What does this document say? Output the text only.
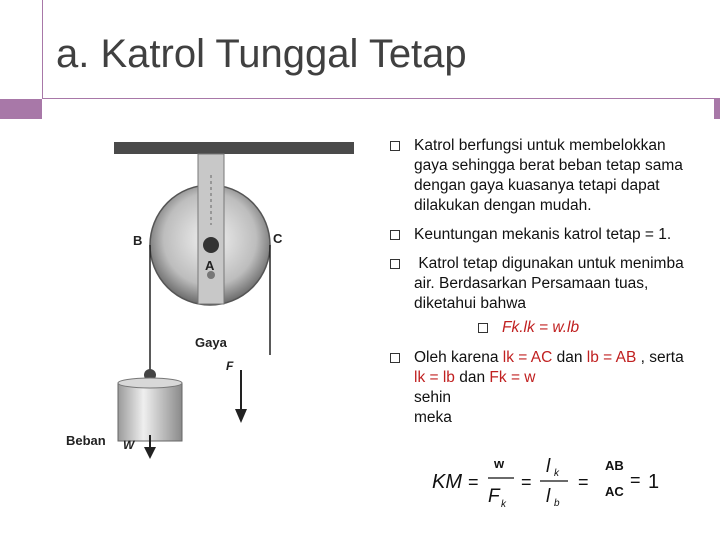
a. Katrol Tunggal Tetap
B	C
A
Gaya
F
Beban W
Katrol berfungsi untuk membelokkan gaya sehingga berat beban tetap sama dengan gaya kuasanya tetapi dapat dilakukan dengan mudah.
Keuntungan mekanis katrol tetap = 1.
Katrol tetap digunakan untuk menimba air. Berdasarkan Persamaan tuas, diketahui bahwa
Fk.lk = w.lb
Oleh karena lk = AC dan lb = AB , serta lk = lb dan Fk = w
sehin
meka
KM =
w
F k
=
l k
l b
=
AB
AC
= 1
